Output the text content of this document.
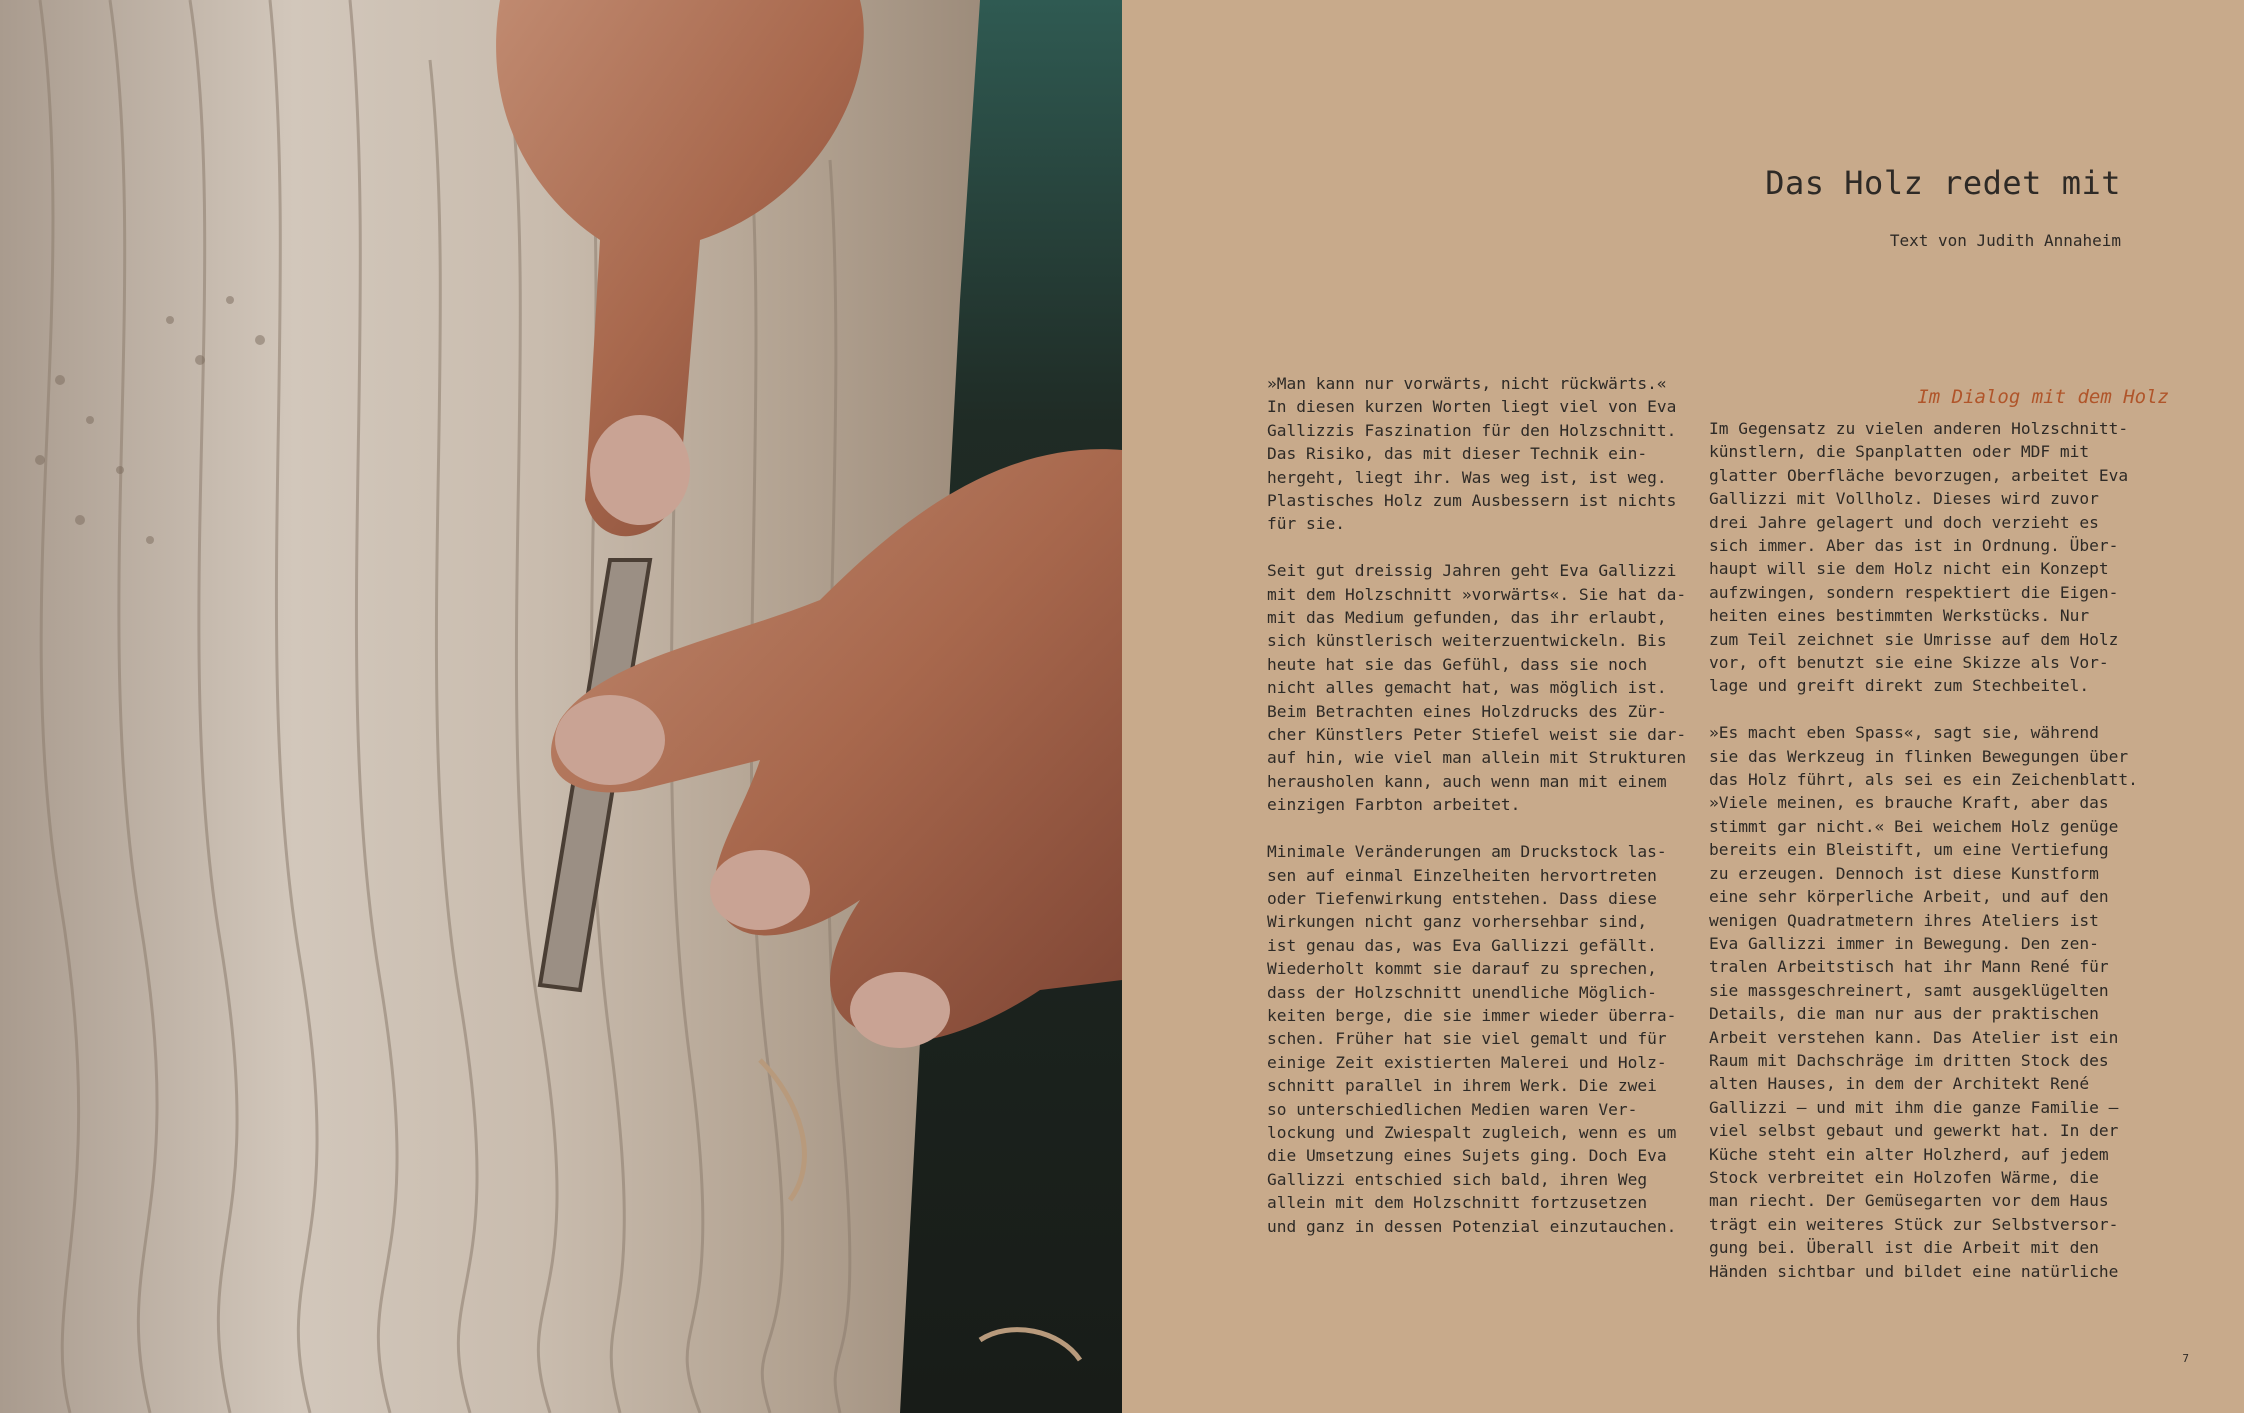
Das Holz redet mit
Text von Judith Annaheim

»Man kann nur vorwärts, nicht rückwärts.«
In diesen kurzen Worten liegt viel von Eva
Gallizzis Faszination für den Holzschnitt.
Das Risiko, das mit dieser Technik ein-
hergeht, liegt ihr. Was weg ist, ist weg.
Plastisches Holz zum Ausbessern ist nichts
für sie.

Seit gut dreissig Jahren geht Eva Gallizzi
mit dem Holzschnitt »vorwärts«. Sie hat da-
mit das Medium gefunden, das ihr erlaubt,
sich künstlerisch weiterzuentwickeln. Bis
heute hat sie das Gefühl, dass sie noch
nicht alles gemacht hat, was möglich ist.
Beim Betrachten eines Holzdrucks des Zür-
cher Künstlers Peter Stiefel weist sie dar-
auf hin, wie viel man allein mit Strukturen
herausholen kann, auch wenn man mit einem
einzigen Farbton arbeitet.

Minimale Veränderungen am Druckstock las-
sen auf einmal Einzelheiten hervortreten
oder Tiefenwirkung entstehen. Dass diese
Wirkungen nicht ganz vorhersehbar sind,
ist genau das, was Eva Gallizzi gefällt.
Wiederholt kommt sie darauf zu sprechen,
dass der Holzschnitt unendliche Möglich-
keiten berge, die sie immer wieder überra-
schen. Früher hat sie viel gemalt und für
einige Zeit existierten Malerei und Holz-
schnitt parallel in ihrem Werk. Die zwei
so unterschiedlichen Medien waren Ver-
lockung und Zwiespalt zugleich, wenn es um
die Umsetzung eines Sujets ging. Doch Eva
Gallizzi entschied sich bald, ihren Weg
allein mit dem Holzschnitt fortzusetzen
und ganz in dessen Potenzial einzutauchen.

Im Dialog mit dem Holz

Im Gegensatz zu vielen anderen Holzschnitt-
künstlern, die Spanplatten oder MDF mit
glatter Oberfläche bevorzugen, arbeitet Eva
Gallizzi mit Vollholz. Dieses wird zuvor
drei Jahre gelagert und doch verzieht es
sich immer. Aber das ist in Ordnung. Über-
haupt will sie dem Holz nicht ein Konzept
aufzwingen, sondern respektiert die Eigen-
heiten eines bestimmten Werkstücks. Nur
zum Teil zeichnet sie Umrisse auf dem Holz
vor, oft benutzt sie eine Skizze als Vor-
lage und greift direkt zum Stechbeitel.

»Es macht eben Spass«, sagt sie, während
sie das Werkzeug in flinken Bewegungen über
das Holz führt, als sei es ein Zeichenblatt.
»Viele meinen, es brauche Kraft, aber das
stimmt gar nicht.« Bei weichem Holz genüge
bereits ein Bleistift, um eine Vertiefung
zu erzeugen. Dennoch ist diese Kunstform
eine sehr körperliche Arbeit, und auf den
wenigen Quadratmetern ihres Ateliers ist
Eva Gallizzi immer in Bewegung. Den zen-
tralen Arbeitstisch hat ihr Mann René für
sie massgeschreinert, samt ausgeklügelten
Details, die man nur aus der praktischen
Arbeit verstehen kann. Das Atelier ist ein
Raum mit Dachschräge im dritten Stock des
alten Hauses, in dem der Architekt René
Gallizzi – und mit ihm die ganze Familie –
viel selbst gebaut und gewerkt hat. In der
Küche steht ein alter Holzherd, auf jedem
Stock verbreitet ein Holzofen Wärme, die
man riecht. Der Gemüsegarten vor dem Haus
trägt ein weiteres Stück zur Selbstversor-
gung bei. Überall ist die Arbeit mit den
Händen sichtbar und bildet eine natürliche

7
